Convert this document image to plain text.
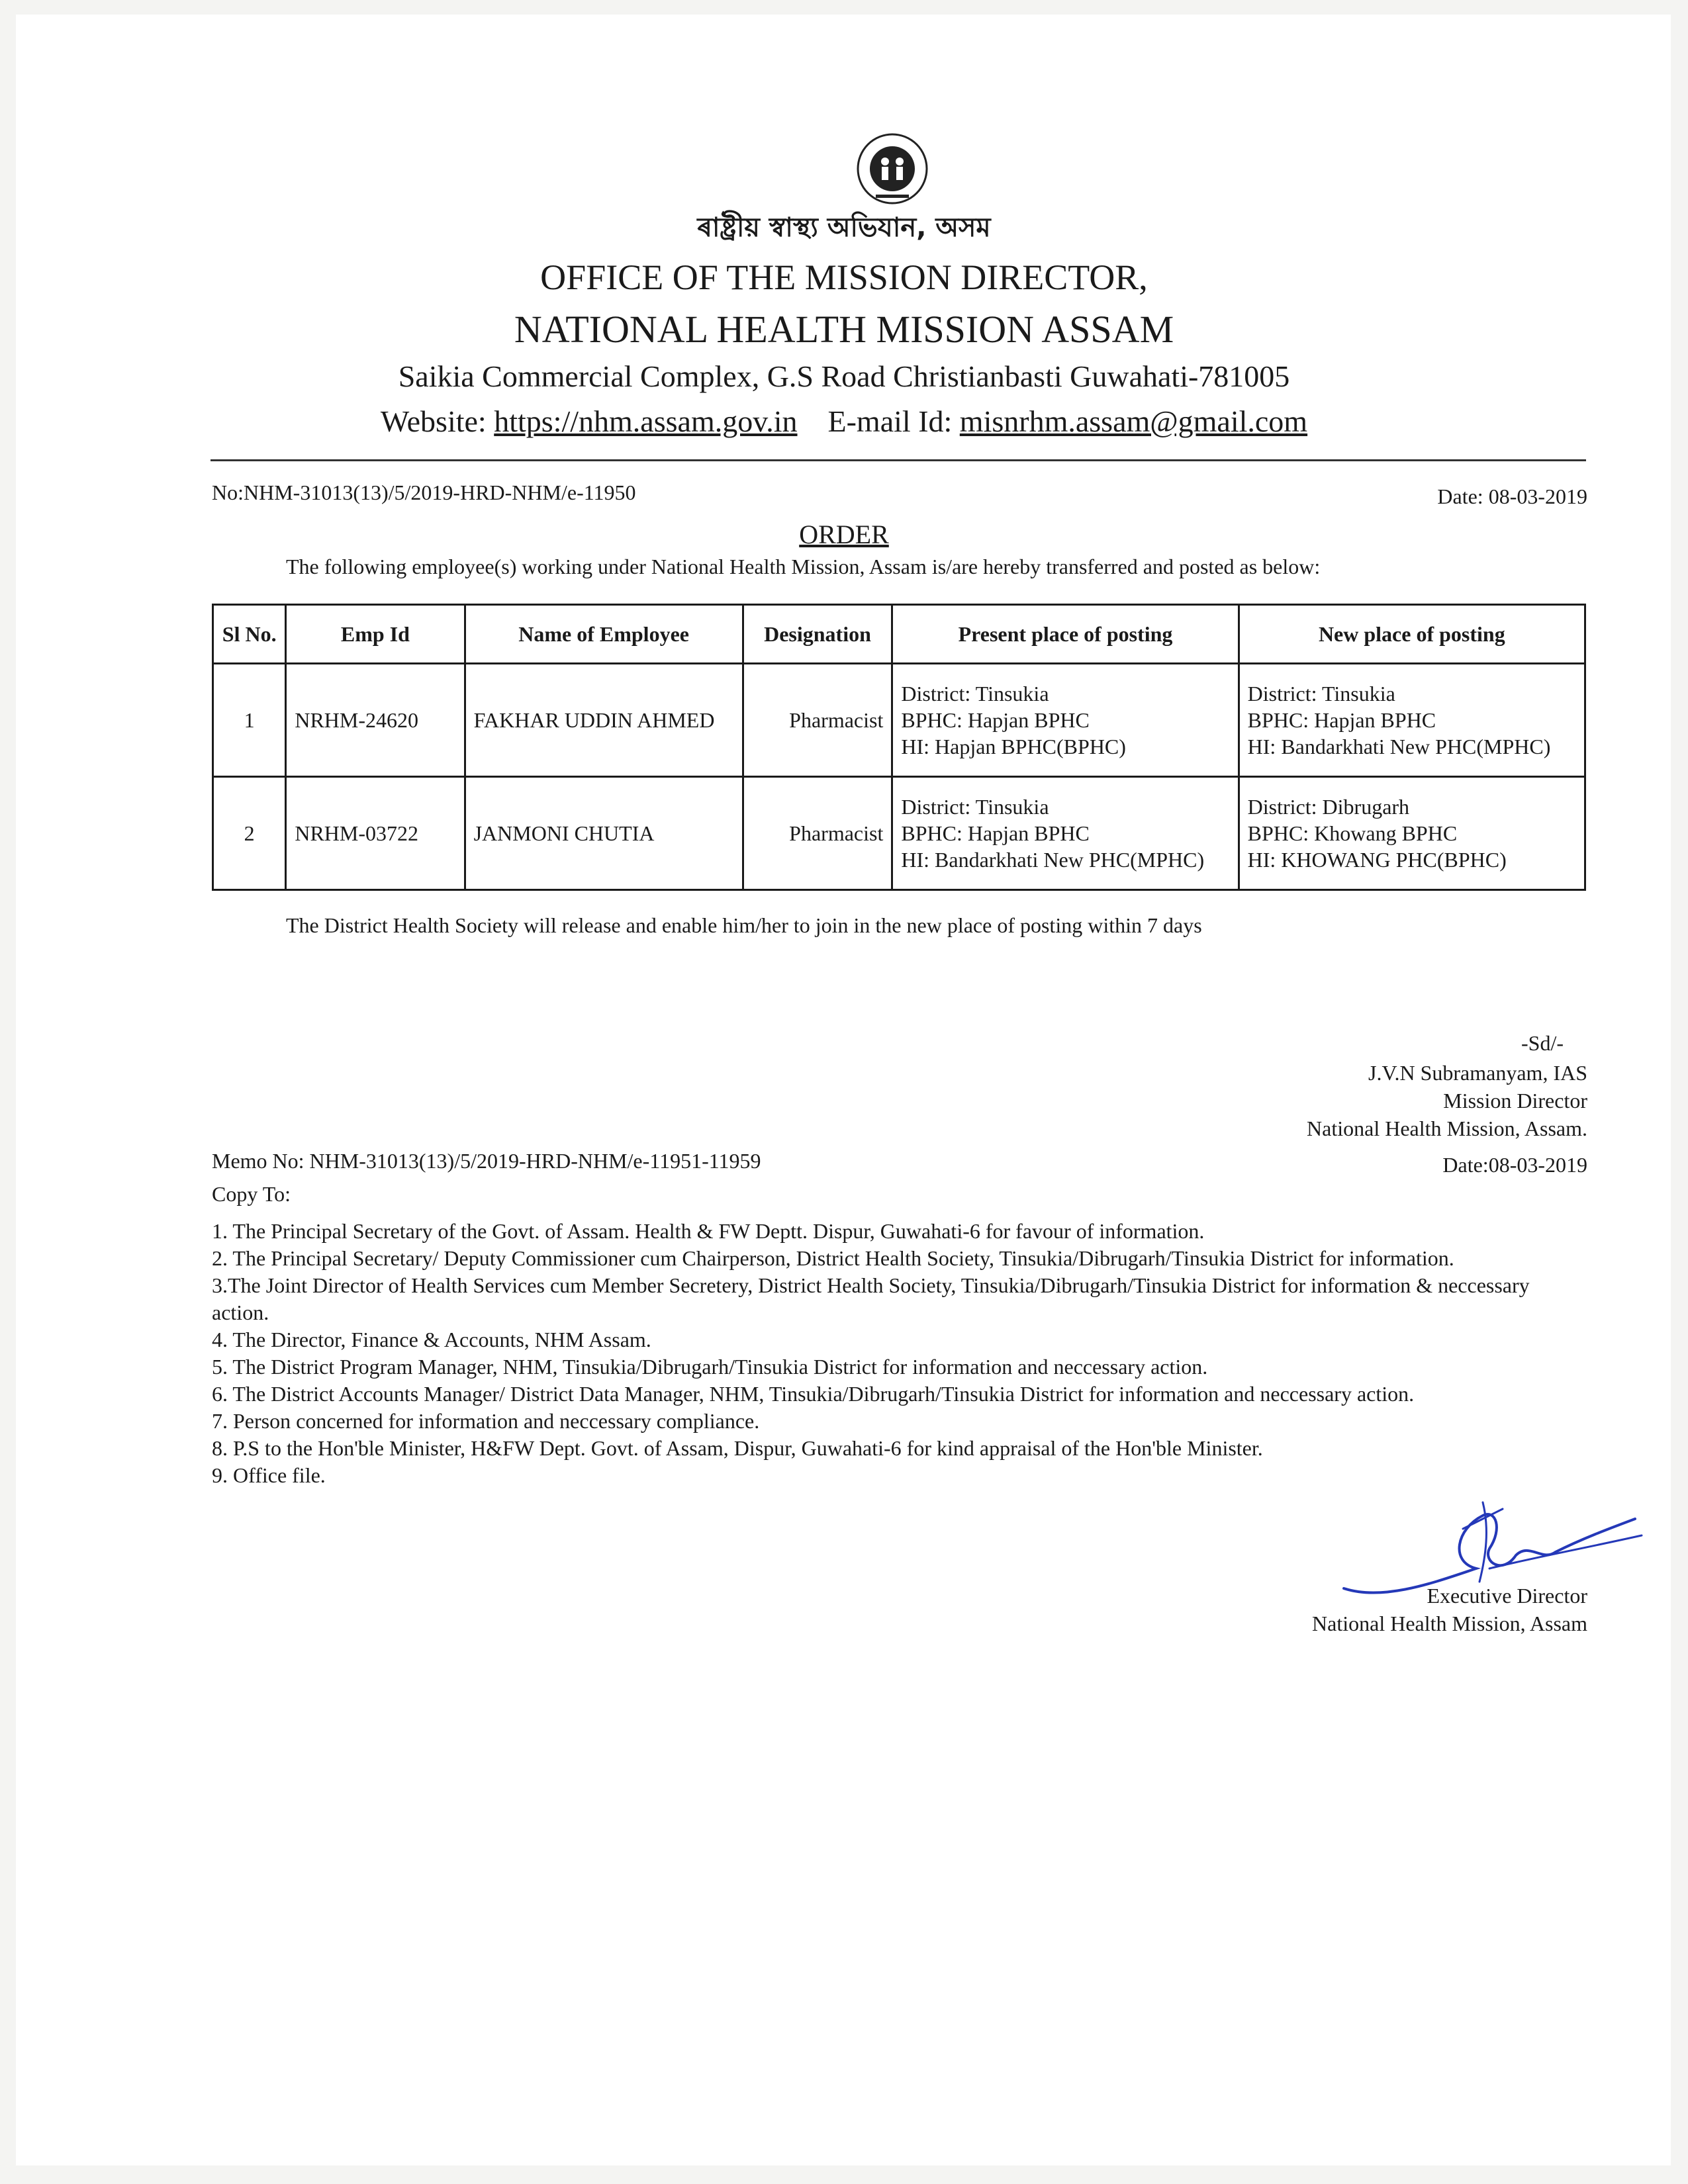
ৰাষ্ট্ৰীয় স্বাস্থ্য অভিযান, অসম
OFFICE OF THE MISSION DIRECTOR,
NATIONAL HEALTH MISSION ASSAM
Saikia Commercial Complex, G.S Road Christianbasti Guwahati-781005
Website: https://nhm.assam.gov.in E-mail Id: misnrhm.assam@gmail.com
No:NHM-31013(13)/5/2019-HRD-NHM/e-11950	Date: 08-03-2019
ORDER
The following employee(s) working under National Health Mission, Assam is/are hereby transferred and posted as below:
Sl No.	Emp Id	Name of Employee	Designation	Present place of posting	New place of posting
1	NRHM-24620	FAKHAR UDDIN AHMED	Pharmacist	District: Tinsukia
BPHC: Hapjan BPHC
HI: Hapjan BPHC(BPHC)	District: Tinsukia
BPHC: Hapjan BPHC
HI: Bandarkhati New PHC(MPHC)

2	NRHM-03722	JANMONI CHUTIA	Pharmacist	District: Tinsukia
BPHC: Hapjan BPHC
HI: Bandarkhati New PHC(MPHC)	District: Dibrugarh
BPHC: Khowang BPHC
HI: KHOWANG PHC(BPHC)
The District Health Society will release and enable him/her to join in the new place of posting within 7 days
-Sd/-
J.V.N Subramanyam, IAS
Mission Director
National Health Mission, Assam.
Memo No: NHM-31013(13)/5/2019-HRD-NHM/e-11951-11959	Date:08-03-2019
Copy To:
1. The Principal Secretary of the Govt. of Assam. Health & FW Deptt. Dispur, Guwahati-6 for favour of information.
2. The Principal Secretary/ Deputy Commissioner cum Chairperson, District Health Society, Tinsukia/Dibrugarh/Tinsukia District for information.
3.The Joint Director of Health Services cum Member Secretery, District Health Society, Tinsukia/Dibrugarh/Tinsukia District for information & neccessary action.
4. The Director, Finance & Accounts, NHM Assam.
5. The District Program Manager, NHM, Tinsukia/Dibrugarh/Tinsukia District for information and neccessary action.
6. The District Accounts Manager/ District Data Manager, NHM, Tinsukia/Dibrugarh/Tinsukia District for information and neccessary action.
7. Person concerned for information and neccessary compliance.
8. P.S to the Hon'ble Minister, H&FW Dept. Govt. of Assam, Dispur, Guwahati-6 for kind appraisal of the Hon'ble Minister.
9. Office file.
Executive Director
National Health Mission, Assam
